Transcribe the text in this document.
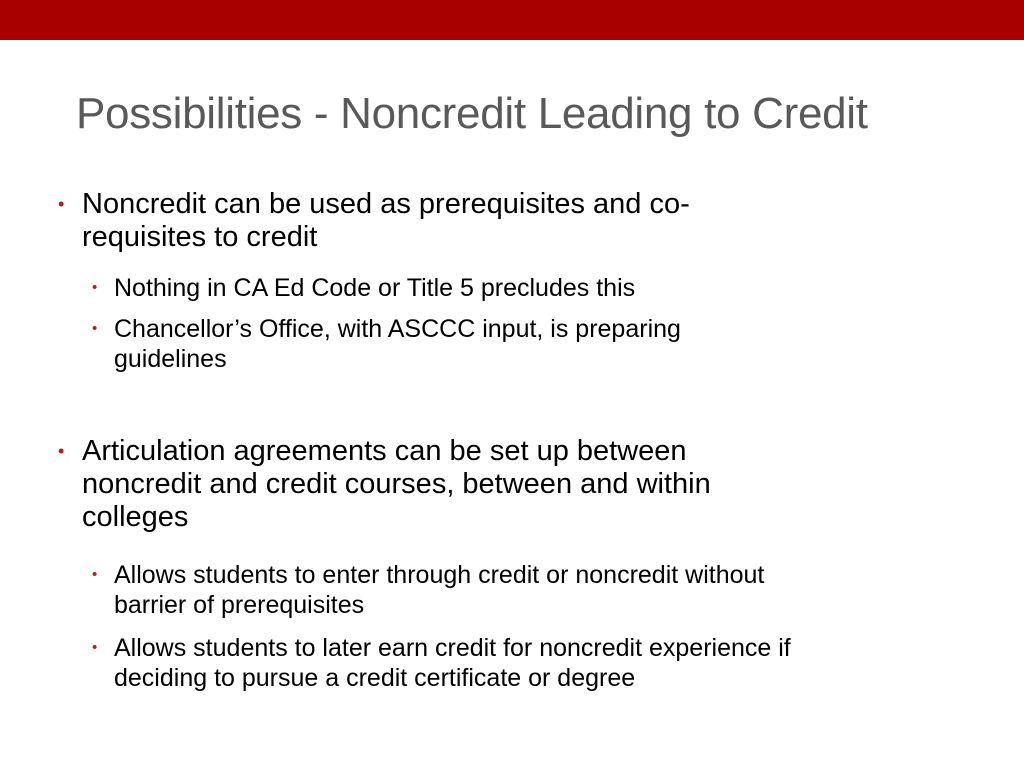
Possibilities - Noncredit Leading to Credit
• Noncredit can be used as prerequisites and co-
requisites to credit
• Nothing in CA Ed Code or Title 5 precludes this
• Chancellor’s Office, with ASCCC input, is preparing
guidelines
• Articulation agreements can be set up between
noncredit and credit courses, between and within
colleges
• Allows students to enter through credit or noncredit without
barrier of prerequisites
• Allows students to later earn credit for noncredit experience if
deciding to pursue a credit certificate or degree
